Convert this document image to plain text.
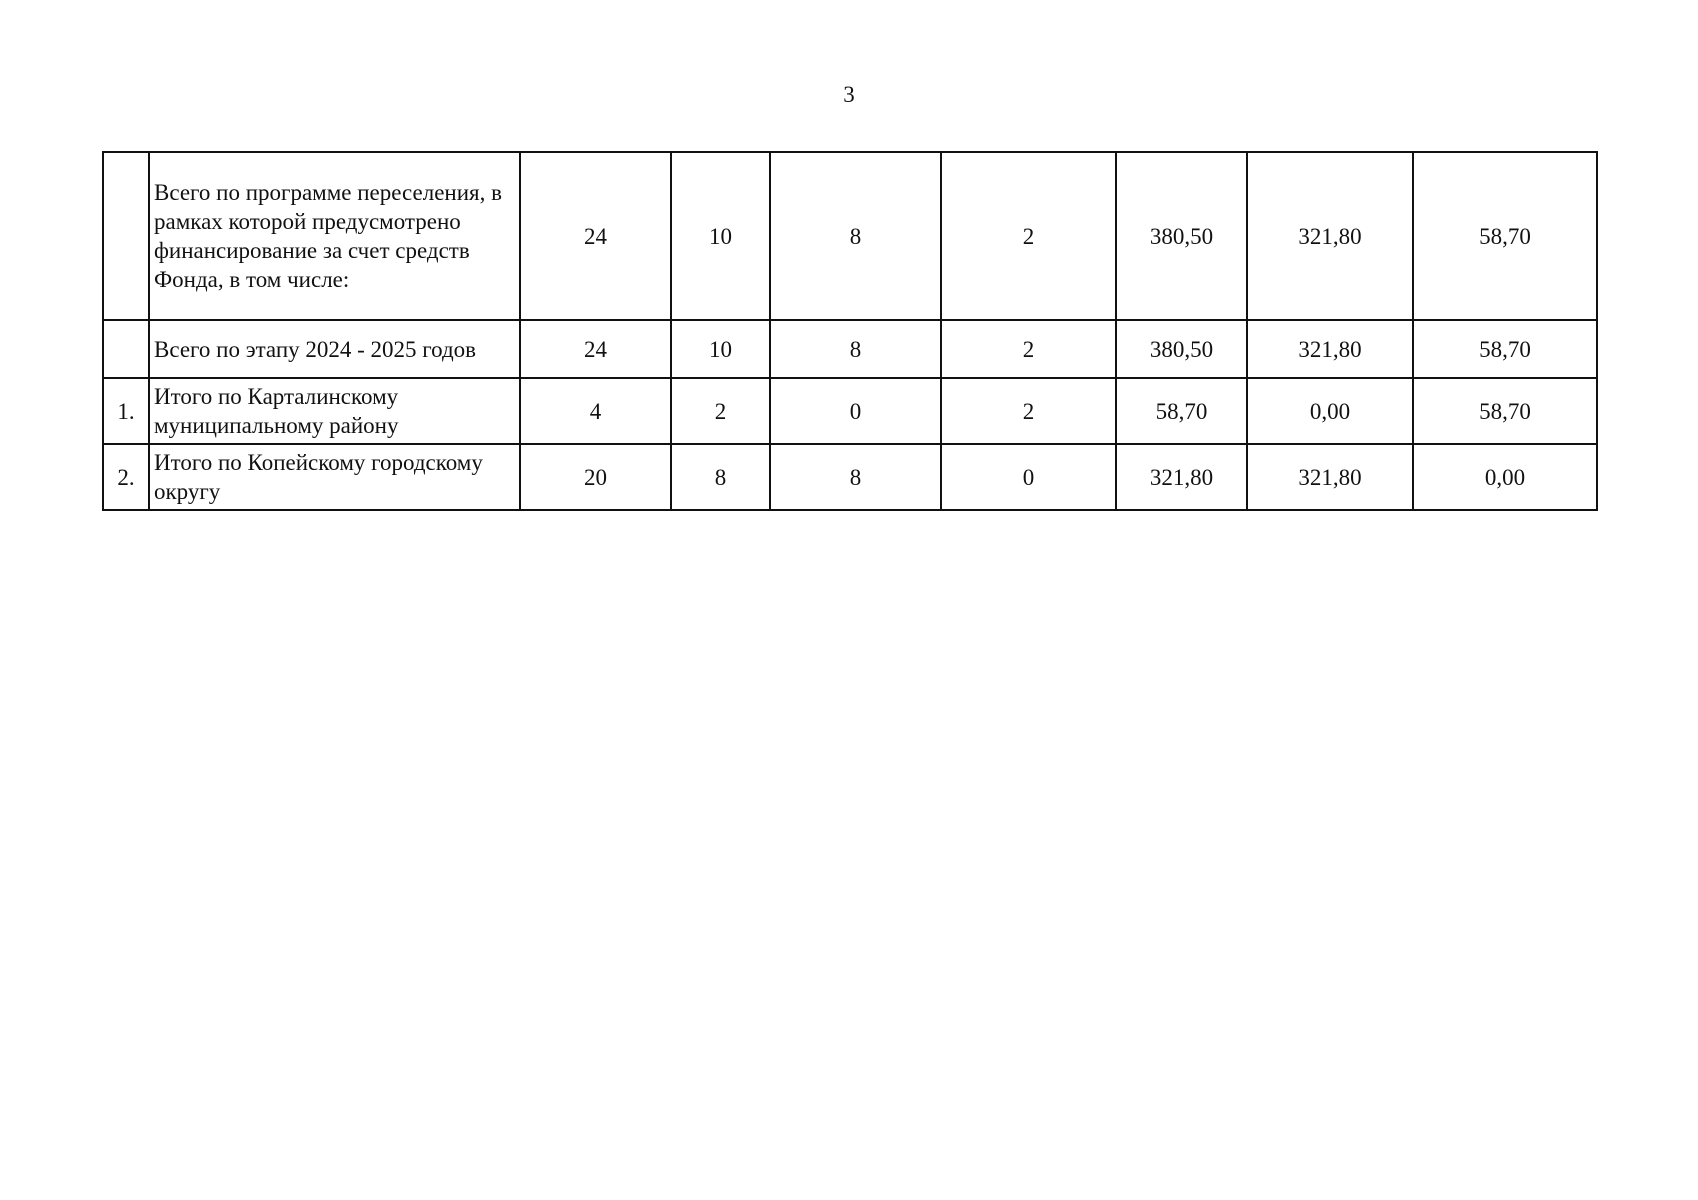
3
	Всего по программе переселения, в рамках которой предусмотрено финансирование за счет средств Фонда, в том числе:	24	10	8	2	380,50	321,80	58,70
	Всего по этапу 2024 - 2025 годов	24	10	8	2	380,50	321,80	58,70
1.	Итого по Карталинскому муниципальному району	4	2	0	2	58,70	0,00	58,70
2.	Итого по Копейскому городскому округу	20	8	8	0	321,80	321,80	0,00
